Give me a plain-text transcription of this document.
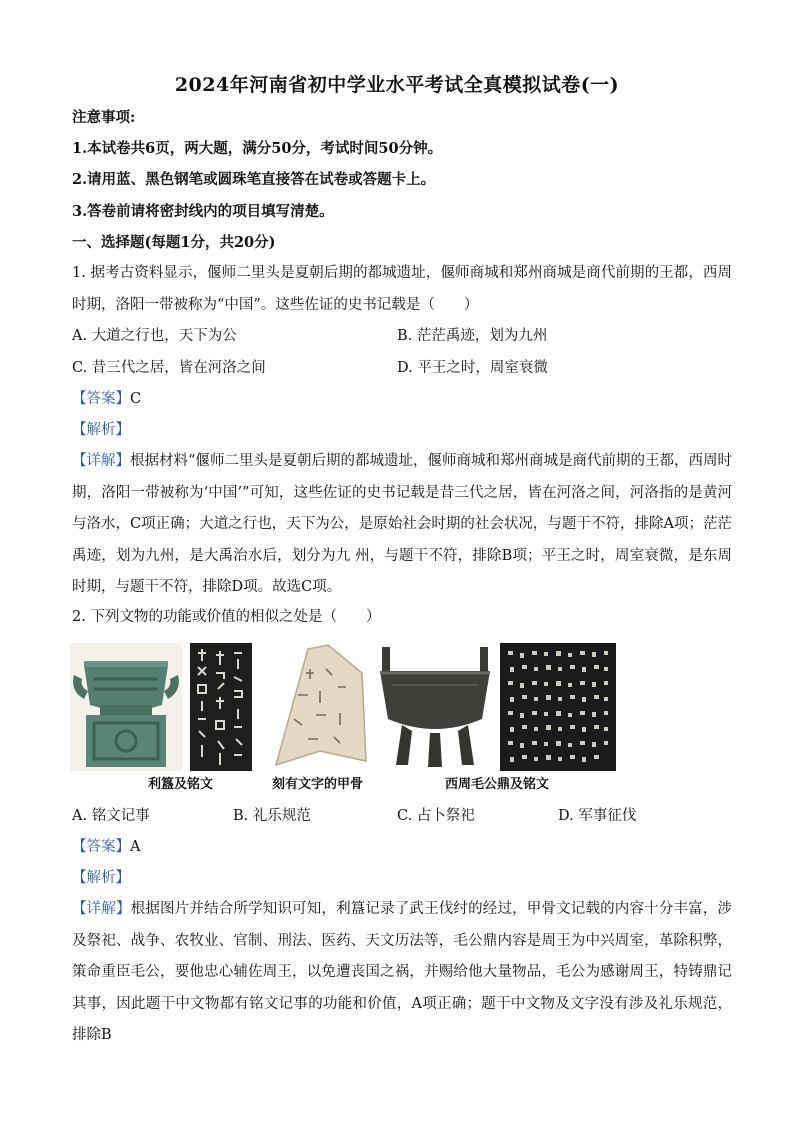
2024年河南省初中学业水平考试全真模拟试卷(一)
注意事项:
1.本试卷共6页，两大题，满分50分，考试时间50分钟。
2.请用蓝、黑色钢笔或圆珠笔直接答在试卷或答题卡上。
3.答卷前请将密封线内的项目填写清楚。
一、选择题(每题1分，共20分)
1. 据考古资料显示，偃师二里头是夏朝后期的都城遗址，偃师商城和郑州商城是商代前期的王都，西周时期，洛阳一带被称为“中国”。这些佐证的史书记载是（　　）
A. 大道之行也，天下为公	B. 茫茫禹迹，划为九州
C. 昔三代之居，皆在河洛之间	D. 平王之时，周室衰微
【答案】C
【解析】
【详解】根据材料“偃师二里头是夏朝后期的都城遗址，偃师商城和郑州商城是商代前期的王都，西周时期，洛阳一带被称为‘中国’”可知，这些佐证的史书记载是昔三代之居，皆在河洛之间，河洛指的是黄河与洛水，C项正确；大道之行也，天下为公，是原始社会时期的社会状况，与题干不符，排除A项；茫茫禹迹，划为九州，是大禹治水后，划分为九 州，与题干不符，排除B项；平王之时，周室衰微，是东周时期，与题干不符，排除D项。故选C项。
2. 下列文物的功能或价值的相似之处是（　　）
利簋及铭文	刻有文字的甲骨	西周毛公鼎及铭文
A. 铭文记事	B. 礼乐规范	C. 占卜祭祀	D. 军事征伐
【答案】A
【解析】
【详解】根据图片并结合所学知识可知，利簋记录了武王伐纣的经过，甲骨文记载的内容十分丰富，涉及祭祀、战争、农牧业、官制、刑法、医药、天文历法等，毛公鼎内容是周王为中兴周室，革除积弊，策命重臣毛公，要他忠心辅佐周王，以免遭丧国之祸，并赐给他大量物品，毛公为感谢周王，特铸鼎记其事，因此题干中文物都有铭文记事的功能和价值，A项正确；题干中文物及文字没有涉及礼乐规范，排除B
